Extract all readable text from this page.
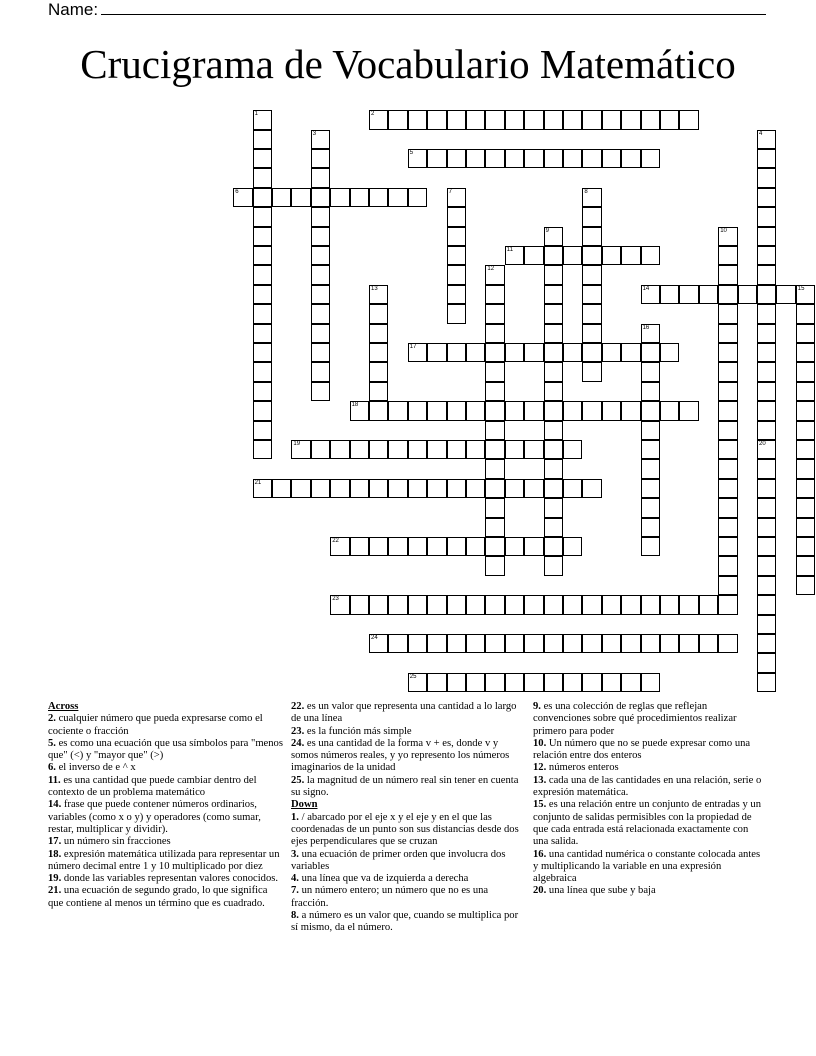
Name:
Crucigrama de Vocabulario Matemático
1	2
3	4
20
5
6	7	8
9	10
11
12
13	14	15
16
17
18
19
21
22
23
24
25

Across

2. cualquier número que pueda expresarse como el cociente o fracción

5. es como una ecuación que usa símbolos para "menos que" (<) y "mayor que" (>)

6. el inverso de e ^ x

11. es una cantidad que puede cambiar dentro del contexto de un problema matemático

14. frase que puede contener números ordinarios, variables (como x o y) y operadores (como sumar, restar, multiplicar y dividir).

17. un número sin fracciones

18. expresión matemática utilizada para representar un número decimal entre 1 y 10 multiplicado por diez

19. donde las variables representan valores conocidos.

21. una ecuación de segundo grado, lo que significa que contiene al menos un término que es cuadrado.

22. es un valor que representa una cantidad a lo largo de una línea

23. es la función más simple

24. es una cantidad de la forma v + es, donde v y somos números reales, y yo represento los números imaginarios de la unidad

25. la magnitud de un número real sin tener en cuenta su signo.

Down

1. / abarcado por el eje x y el eje y en el que las coordenadas de un punto son sus distancias desde dos ejes perpendiculares que se cruzan

3. una ecuación de primer orden que involucra dos variables

4. una línea que va de izquierda a derecha

7. un número entero; un número que no es una fracción.

8. a número es un valor que, cuando se multiplica por sí mismo, da el número.

9. es una colección de reglas que reflejan convenciones sobre qué procedimientos realizar primero para poder

10. Un número que no se puede expresar como una relación entre dos enteros

12. números enteros

13. cada una de las cantidades en una relación, serie o expresión matemática.

15. es una relación entre un conjunto de entradas y un conjunto de salidas permisibles con la propiedad de que cada entrada está relacionada exactamente con una salida.

16. una cantidad numérica o constante colocada antes y multiplicando la variable en una expresión algebraica

20. una línea que sube y baja
